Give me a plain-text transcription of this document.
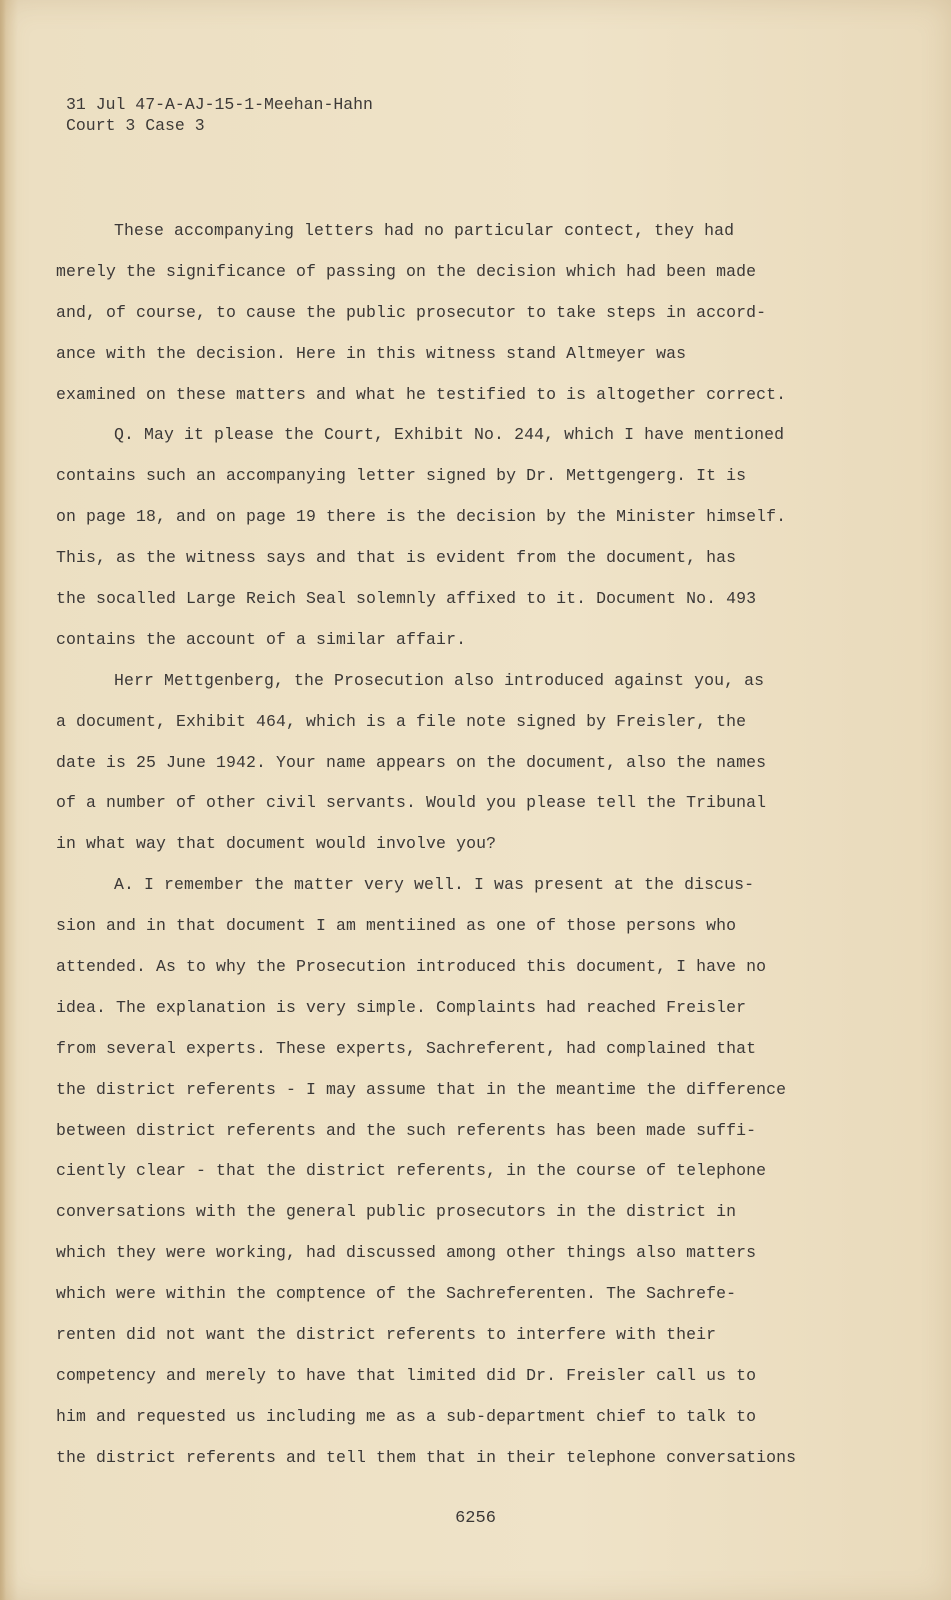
31 Jul 47-A-AJ-15-1-Meehan-Hahn
Court 3 Case 3
These accompanying letters had no particular contect, they had
merely the significance of passing on the decision which had been made
and, of course, to cause the public prosecutor to take steps in accord-
ance with the decision. Here in this witness stand Altmeyer was
examined on these matters and what he testified to is altogether correct.
Q. May it please the Court, Exhibit No. 244, which I have mentioned
contains such an accompanying letter signed by Dr. Mettgengerg. It is
on page 18, and on page 19 there is the decision by the Minister himself.
This, as the witness says and that is evident from the document, has
the socalled Large Reich Seal solemnly affixed to it. Document No. 493
contains the account of a similar affair.
Herr Mettgenberg, the Prosecution also introduced against you, as
a document, Exhibit 464, which is a file note signed by Freisler, the
date is 25 June 1942. Your name appears on the document, also the names
of a number of other civil servants. Would you please tell the Tribunal
in what way that document would involve you?
A. I remember the matter very well. I was present at the discus-
sion and in that document I am mentiined as one of those persons who
attended. As to why the Prosecution introduced this document, I have no
idea. The explanation is very simple. Complaints had reached Freisler
from several experts. These experts, Sachreferent, had complained that
the district referents - I may assume that in the meantime the difference
between district referents and the such referents has been made suffi-
ciently clear - that the district referents, in the course of telephone
conversations with the general public prosecutors in the district in
which they were working, had discussed among other things also matters
which were within the comptence of the Sachreferenten. The Sachrefe-
renten did not want the district referents to interfere with their
competency and merely to have that limited did Dr. Freisler call us to
him and requested us including me as a sub-department chief to talk to
the district referents and tell them that in their telephone conversations
6256
